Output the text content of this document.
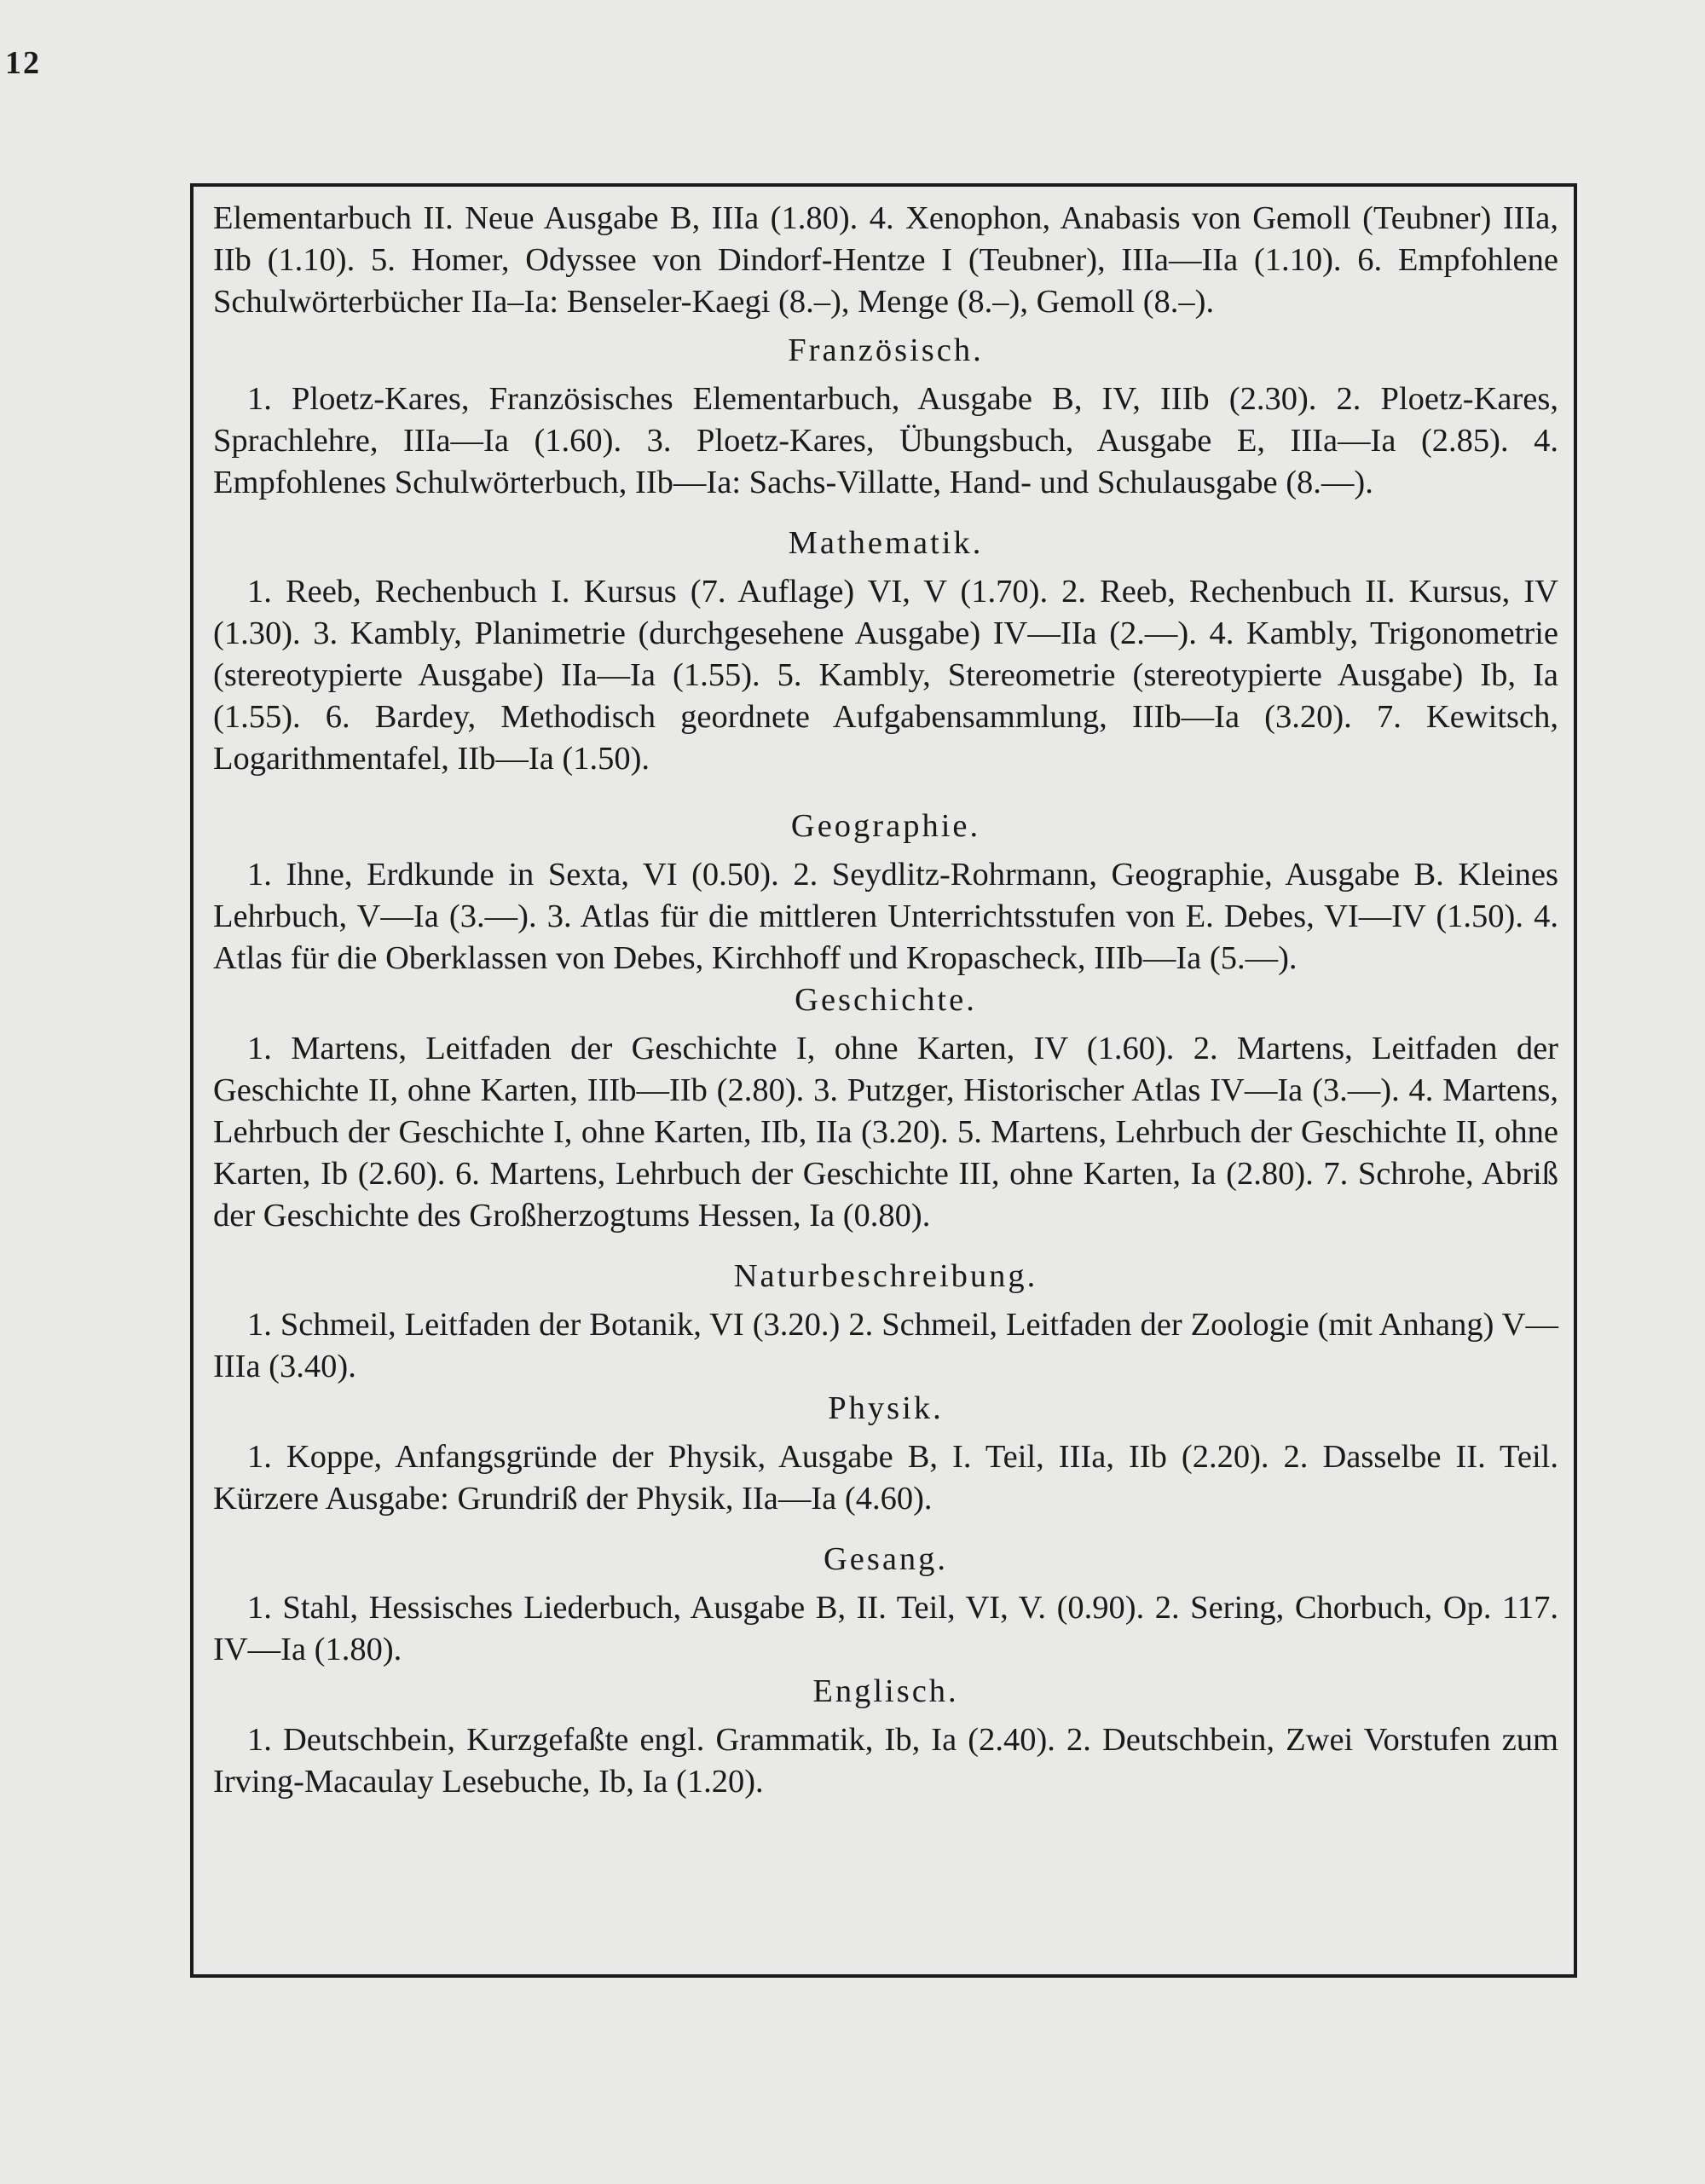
12

Elementarbuch II. Neue Ausgabe B, IIIa (1.80). 4. Xenophon, Anabasis von Gemoll (Teubner) IIIa, IIb (1.10). 5. Homer, Odyssee von Dindorf-Hentze I (Teubner), IIIa—IIa (1.10). 6. Empfohlene Schulwörterbücher IIa–Ia: Benseler-Kaegi (8.–), Menge (8.–), Gemoll (8.–).

Französisch.

1. Ploetz-Kares, Französisches Elementarbuch, Ausgabe B, IV, IIIb (2.30). 2. Ploetz-Kares, Sprachlehre, IIIa—Ia (1.60). 3. Ploetz-Kares, Übungsbuch, Ausgabe E, IIIa—Ia (2.85). 4. Empfohlenes Schulwörterbuch, IIb—Ia: Sachs-Villatte, Hand- und Schulausgabe (8.—).

Mathematik.

1. Reeb, Rechenbuch I. Kursus (7. Auflage) VI, V (1.70). 2. Reeb, Rechenbuch II. Kursus, IV (1.30). 3. Kambly, Planimetrie (durchgesehene Ausgabe) IV—IIa (2.—). 4. Kambly, Trigonometrie (stereotypierte Ausgabe) IIa—Ia (1.55). 5. Kambly, Stereometrie (stereotypierte Ausgabe) Ib, Ia (1.55). 6. Bardey, Methodisch geordnete Aufgabensammlung, IIIb—Ia (3.20). 7. Kewitsch, Logarithmentafel, IIb—Ia (1.50).

Geographie.

1. Ihne, Erdkunde in Sexta, VI (0.50). 2. Seydlitz-Rohrmann, Geographie, Ausgabe B. Kleines Lehrbuch, V—Ia (3.—). 3. Atlas für die mittleren Unterrichtsstufen von E. Debes, VI—IV (1.50). 4. Atlas für die Oberklassen von Debes, Kirchhoff und Kropascheck, IIIb—Ia (5.—).

Geschichte.

1. Martens, Leitfaden der Geschichte I, ohne Karten, IV (1.60). 2. Martens, Leitfaden der Geschichte II, ohne Karten, IIIb—IIb (2.80). 3. Putzger, Historischer Atlas IV—Ia (3.—). 4. Martens, Lehrbuch der Geschichte I, ohne Karten, IIb, IIa (3.20). 5. Martens, Lehrbuch der Geschichte II, ohne Karten, Ib (2.60). 6. Martens, Lehrbuch der Geschichte III, ohne Karten, Ia (2.80). 7. Schrohe, Abriß der Geschichte des Großherzogtums Hessen, Ia (0.80).

Naturbeschreibung.

1. Schmeil, Leitfaden der Botanik, VI (3.20.) 2. Schmeil, Leitfaden der Zoologie (mit Anhang) V—IIIa (3.40).

Physik.

1. Koppe, Anfangsgründe der Physik, Ausgabe B, I. Teil, IIIa, IIb (2.20). 2. Dasselbe II. Teil. Kürzere Ausgabe: Grundriß der Physik, IIa—Ia (4.60).

Gesang.

1. Stahl, Hessisches Liederbuch, Ausgabe B, II. Teil, VI, V. (0.90). 2. Sering, Chorbuch, Op. 117. IV—Ia (1.80).

Englisch.

1. Deutschbein, Kurzgefaßte engl. Grammatik, Ib, Ia (2.40). 2. Deutschbein, Zwei Vorstufen zum Irving-Macaulay Lesebuche, Ib, Ia (1.20).
